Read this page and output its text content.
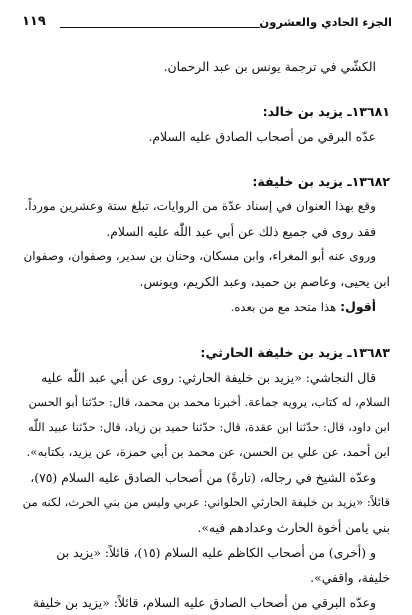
١١٩	الجزء الحادي والعشرون
الكشّي في ترجمة يونس بن عبد الرحمان.
١٣٦٨١ـ يزيد بن خالد:
عدّه البرقي من أصحاب الصادق عليه السلام.
١٣٦٨٢ـ يزيد بن خليفة:
وقع بهذا العنوان في إسناد عدّة من الروايات، تبلغ ستة وعشرين مورداً.
فقد روى في جميع ذلك عن أبي عبد اللّٰه عليه السلام.
وروى عنه أبو المغراء، وابن مسكان، وحنان بن سدير، وصفوان، وصفوان
ابن يحيى، وعاصم بن حميد، وعبد الكريم، ويونس.
أقول: هذا متحد مع من بعده.
١٣٦٨٣ـ يزيد بن خليفة الحارثي:
قال النجاشي: «يزيد بن خليفة الحارثي: روى عن أبي عبد اللّٰه عليه
السلام، له كتاب، يرويه جماعة. أخبرنا محمد بن محمد، قال: حدّثنا أبو الحسن
ابن داود، قال: حدّثنا ابن عقدة، قال: حدّثنا حميد بن زياد، قال: حدّثنا عبيد اللّٰه
ابن أحمد، عن علي بن الحسن، عن محمد بن أبي حمزة، عن يزيد، بكتابه».
وعدّه الشيخ في رجاله، (تارةً) من أصحاب الصادق عليه السلام (٧٥)،
قائلاً: «يزيد بن خليفة الحارثي الحلواني: عربي وليس من بني الحرث، لكنه من
بني يامن أخوة الحارث وعدادهم فيه».
و (أخرى) من أصحاب الكاظم عليه السلام (١٥)، قائلاً: «يزيد بن
خليفة، واقفي».
وعدّه البرقي من أصحاب الصادق عليه السلام، قائلاً: «يزيد بن خليفة
